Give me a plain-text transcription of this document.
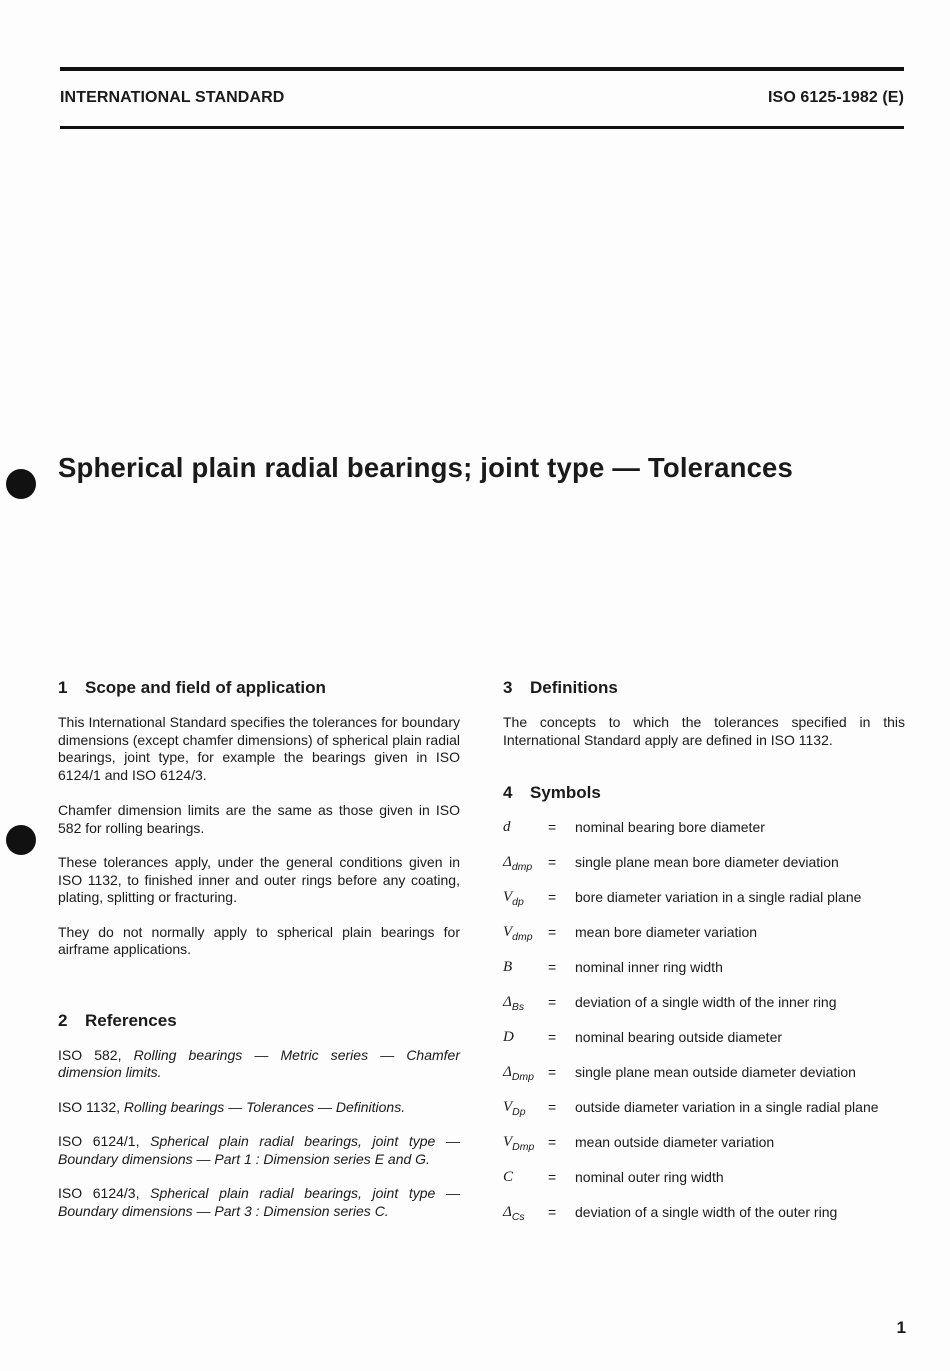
INTERNATIONAL STANDARD	ISO 6125-1982 (E)
Spherical plain radial bearings; joint type — Tolerances
1 Scope and field of application

This International Standard specifies the tolerances for boundary dimensions (except chamfer dimensions) of spherical plain radial bearings, joint type, for example the bearings given in ISO 6124/1 and ISO 6124/3.

Chamfer dimension limits are the same as those given in ISO 582 for rolling bearings.

These tolerances apply, under the general conditions given in ISO 1132, to finished inner and outer rings before any coating, plating, splitting or fracturing.

They do not normally apply to spherical plain bearings for airframe applications.

2 References

ISO 582, Rolling bearings — Metric series — Chamfer dimension limits.

ISO 1132, Rolling bearings — Tolerances — Definitions.

ISO 6124/1, Spherical plain radial bearings, joint type — Boundary dimensions — Part 1 : Dimension series E and G.

ISO 6124/3, Spherical plain radial bearings, joint type — Boundary dimensions — Part 3 : Dimension series C.

3 Definitions

The concepts to which the tolerances specified in this International Standard apply are defined in ISO 1132.

4 Symbols
d	= nominal bearing bore diameter
$\Delta_{dmp}$ = single plane mean bore diameter deviation
$V_{dp}$ = bore diameter variation in a single radial plane
$V_{dmp}$ = mean bore diameter variation
B	= nominal inner ring width
$\Delta_{Bs}$ = deviation of a single width of the inner ring
D = nominal bearing outside diameter
$\Delta_{Dmp}$ = single plane mean outside diameter deviation
$V_{Dp}$ = outside diameter variation in a single radial plane
$V_{Dmp}$ = mean outside diameter variation
C = nominal outer ring width
$\Delta_{Cs}$ = deviation of a single width of the outer ring
1
